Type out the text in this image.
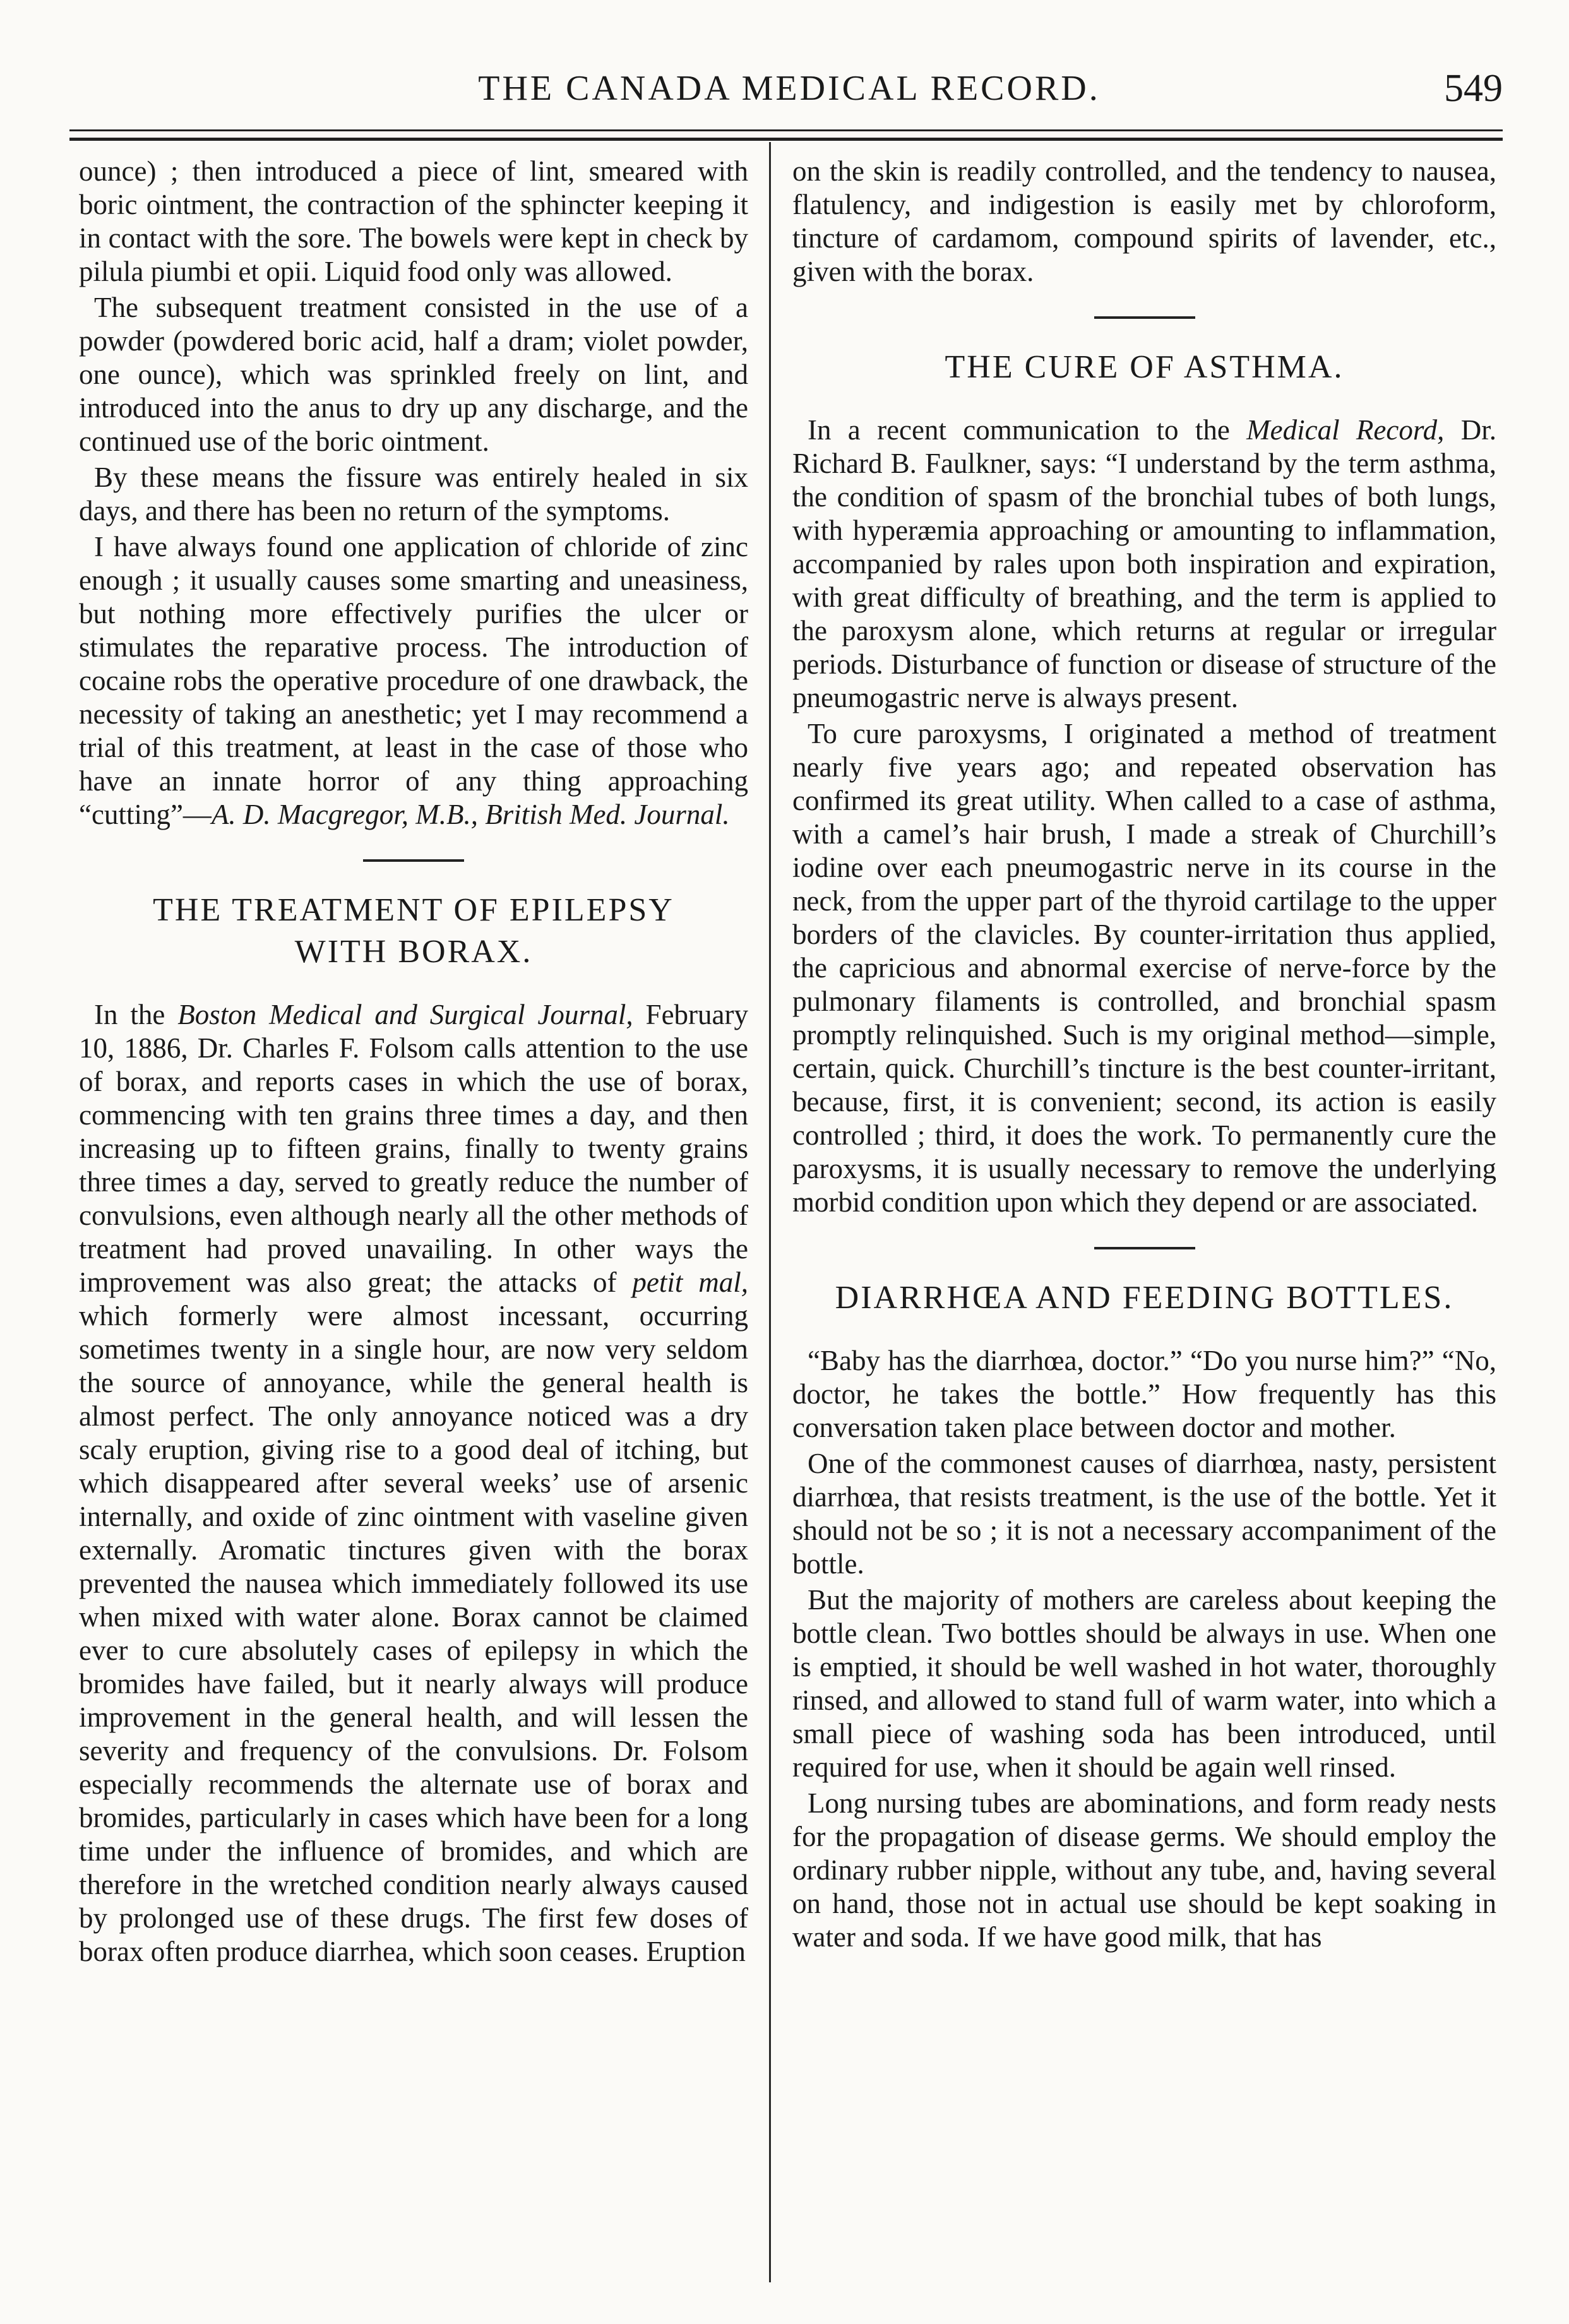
THE CANADA MEDICAL RECORD.	549

ounce) ; then introduced a piece of lint, smeared with boric ointment, the contraction of the sphincter keeping it in contact with the sore. The bowels were kept in check by pilula piumbi et opii. Liquid food only was allowed.

The subsequent treatment consisted in the use of a powder (powdered boric acid, half a dram; violet powder, one ounce), which was sprinkled freely on lint, and introduced into the anus to dry up any discharge, and the continued use of the boric ointment.

By these means the fissure was entirely healed in six days, and there has been no return of the symptoms.

I have always found one application of chloride of zinc enough ; it usually causes some smarting and uneasiness, but nothing more effectively purifies the ulcer or stimulates the reparative process. The introduction of cocaine robs the operative procedure of one drawback, the necessity of taking an anesthetic; yet I may recommend a trial of this treatment, at least in the case of those who have an innate horror of any thing approaching “cutting”—A. D. Macgregor, M.B., British Med. Journal.

THE TREATMENT OF EPILEPSY
WITH BORAX.

In the Boston Medical and Surgical Journal, February 10, 1886, Dr. Charles F. Folsom calls attention to the use of borax, and reports cases in which the use of borax, commencing with ten grains three times a day, and then increasing up to fifteen grains, finally to twenty grains three times a day, served to greatly reduce the number of convulsions, even although nearly all the other methods of treatment had proved unavailing. In other ways the improvement was also great; the attacks of petit mal, which formerly were almost incessant, occurring sometimes twenty in a single hour, are now very seldom the source of annoyance, while the general health is almost perfect. The only annoyance noticed was a dry scaly eruption, giving rise to a good deal of itching, but which disappeared after several weeks’ use of arsenic internally, and oxide of zinc ointment with vaseline given externally. Aromatic tinctures given with the borax prevented the nausea which immediately followed its use when mixed with water alone. Borax cannot be claimed ever to cure absolutely cases of epilepsy in which the bromides have failed, but it nearly always will produce improvement in the general health, and will lessen the severity and frequency of the convulsions. Dr. Folsom especially recommends the alternate use of borax and bromides, particularly in cases which have been for a long time under the influence of bromides, and which are therefore in the wretched condition nearly always caused by prolonged use of these drugs. The first few doses of borax often produce diarrhea, which soon ceases. Eruption

on the skin is readily controlled, and the tendency to nausea, flatulency, and indigestion is easily met by chloroform, tincture of cardamom, compound spirits of lavender, etc., given with the borax.

THE CURE OF ASTHMA.

In a recent communication to the Medical Record, Dr. Richard B. Faulkner, says: “I understand by the term asthma, the condition of spasm of the bronchial tubes of both lungs, with hyperæmia approaching or amounting to inflammation, accompanied by rales upon both inspiration and expiration, with great difficulty of breathing, and the term is applied to the paroxysm alone, which returns at regular or irregular periods. Disturbance of function or disease of structure of the pneumogastric nerve is always present.

To cure paroxysms, I originated a method of treatment nearly five years ago; and repeated observation has confirmed its great utility. When called to a case of asthma, with a camel’s hair brush, I made a streak of Churchill’s iodine over each pneumogastric nerve in its course in the neck, from the upper part of the thyroid cartilage to the upper borders of the clavicles. By counter-irritation thus applied, the capricious and abnormal exercise of nerve-force by the pulmonary filaments is controlled, and bronchial spasm promptly relinquished. Such is my original method—simple, certain, quick. Churchill’s tincture is the best counter-irritant, because, first, it is convenient; second, its action is easily controlled ; third, it does the work. To permanently cure the paroxysms, it is usually necessary to remove the underlying morbid condition upon which they depend or are associated.

DIARRHŒA AND FEEDING BOTTLES.

“Baby has the diarrhœa, doctor.” “Do you nurse him?” “No, doctor, he takes the bottle.” How frequently has this conversation taken place between doctor and mother.

One of the commonest causes of diarrhœa, nasty, persistent diarrhœa, that resists treatment, is the use of the bottle. Yet it should not be so ; it is not a necessary accompaniment of the bottle.

But the majority of mothers are careless about keeping the bottle clean. Two bottles should be always in use. When one is emptied, it should be well washed in hot water, thoroughly rinsed, and allowed to stand full of warm water, into which a small piece of washing soda has been introduced, until required for use, when it should be again well rinsed.

Long nursing tubes are abominations, and form ready nests for the propagation of disease germs. We should employ the ordinary rubber nipple, without any tube, and, having several on hand, those not in actual use should be kept soaking in water and soda. If we have good milk, that has
